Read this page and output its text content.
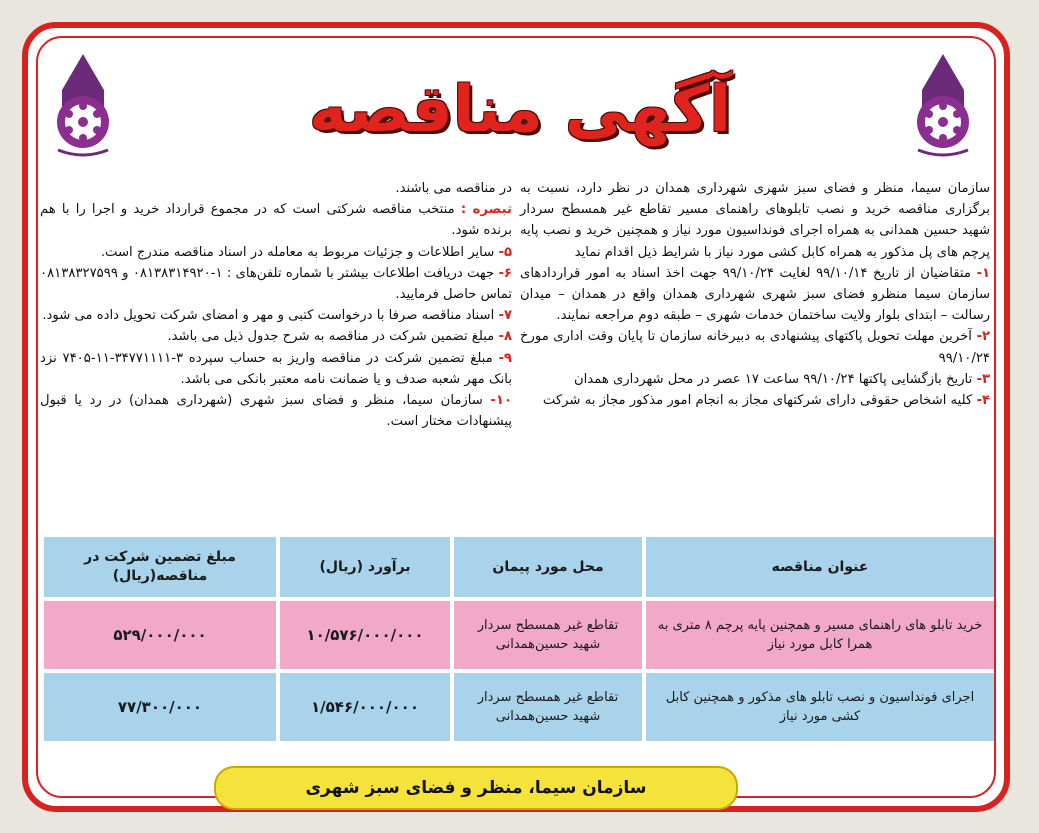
آگهی مناقصه

سازمان سیما، منظر و فضای سبز شهری شهرداری همدان در نظر دارد، نسبت به برگزاری مناقصه خرید و نصب تابلوهای راهنمای مسیر تقاطع غیر همسطح سردار شهید حسین همدانی به همراه اجرای فونداسیون مورد نیاز و همچنین خرید و نصب پایه پرچم های پل مذکور به همراه کابل کشی مورد نیاز با شرایط ذیل اقدام نماید

۱- متقاضیان از تاریخ ۹۹/۱۰/۱۴ لغایت ۹۹/۱۰/۲۴ جهت اخذ اسناد به امور قراردادهای سازمان سیما منظرو فضای سبز شهری شهرداری همدان واقع در همدان – میدان رسالت – ابتدای بلوار ولایت ساختمان خدمات شهری – طبقه دوم مراجعه نمایند.

۲- آخرین مهلت تحویل پاکتهای پیشنهادی به دبیرخانه سازمان تا پایان وقت اداری مورخ ۹۹/۱۰/۲۴

۳- تاریخ بازگشایی پاکتها ۹۹/۱۰/۲۴ ساعت ۱۷ عصر در محل شهرداری همدان

۴- کلیه اشخاص حقوقی دارای شرکتهای مجاز به انجام امور مذکور مجاز به شرکت

در مناقصه می باشند.

تبصره : منتخب مناقصه شرکتی است که در مجموع قرارداد خرید و اجرا را با هم برنده شود.

۵- سایر اطلاعات و جزئیات مربوط به معامله در اسناد مناقصه مندرج است.

۶- جهت دریافت اطلاعات بیشتر با شماره تلفن‌های : ۱-۰۸۱۳۸۳۱۴۹۲۰ و ۰۸۱۳۸۳۲۷۵۹۹ تماس حاصل فرمایید.

۷- اسناد مناقصه صرفا با درخواست کتبی و مهر و امضای شرکت تحویل داده می شود.

۸- مبلغ تضمین شرکت در مناقصه به شرح جدول ذیل می باشد.

۹- مبلغ تضمین شرکت در مناقصه واریز به حساب سپرده ۳-۳۴۷۷۱۱۱۱-۱۱-۷۴۰۵ نزد بانک مهر شعبه صدف و یا ضمانت نامه معتبر بانکی می باشد.

۱۰- سازمان سیما، منظر و فضای سبز شهری (شهرداری همدان) در رد یا قبول پیشنهادات مختار است.

عنوان مناقصه
محل مورد پیمان
برآورد (ریال)
مبلغ تضمین شرکت در مناقصه(ریال)
خرید تابلو های راهنمای مسیر و همچنین پایه پرچم ۸ متری به همرا کابل مورد نیاز
تقاطع غیر همسطح سردار شهید حسین‌همدانی
۱۰/۵۷۶/۰۰۰/۰۰۰
۵۲۹/۰۰۰/۰۰۰
اجرای فونداسیون و نصب تابلو های مذکور و همچنین کابل کشی مورد نیاز
تقاطع غیر همسطح سردار شهید حسین‌همدانی
۱/۵۴۶/۰۰۰/۰۰۰
۷۷/۳۰۰/۰۰۰
سازمان سیما، منظر و فضای سبز شهری
